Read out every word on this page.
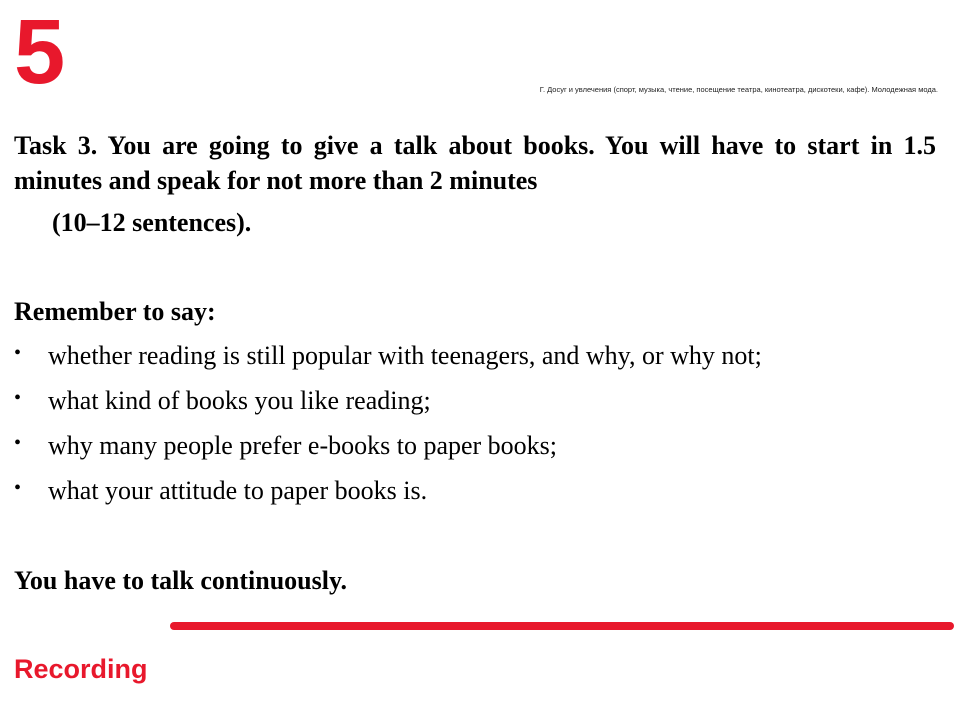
5	Г. Досуг и увлечения (спорт, музыка, чтение, посещение театра, кинотеатра, дискотеки, кафе). Молодежная мода.
Task 3. You are going to give a talk about books. You will have to start in 1.5 minutes and speak for not more than 2 minutes
(10–12 sentences).
Remember to say:
•	whether reading is still popular with teenagers, and why, or why not;
•	what kind of books you like reading;
•	why many people prefer e-books to paper books;
•	what your attitude to paper books is.
You have to talk continuously.
Recording
